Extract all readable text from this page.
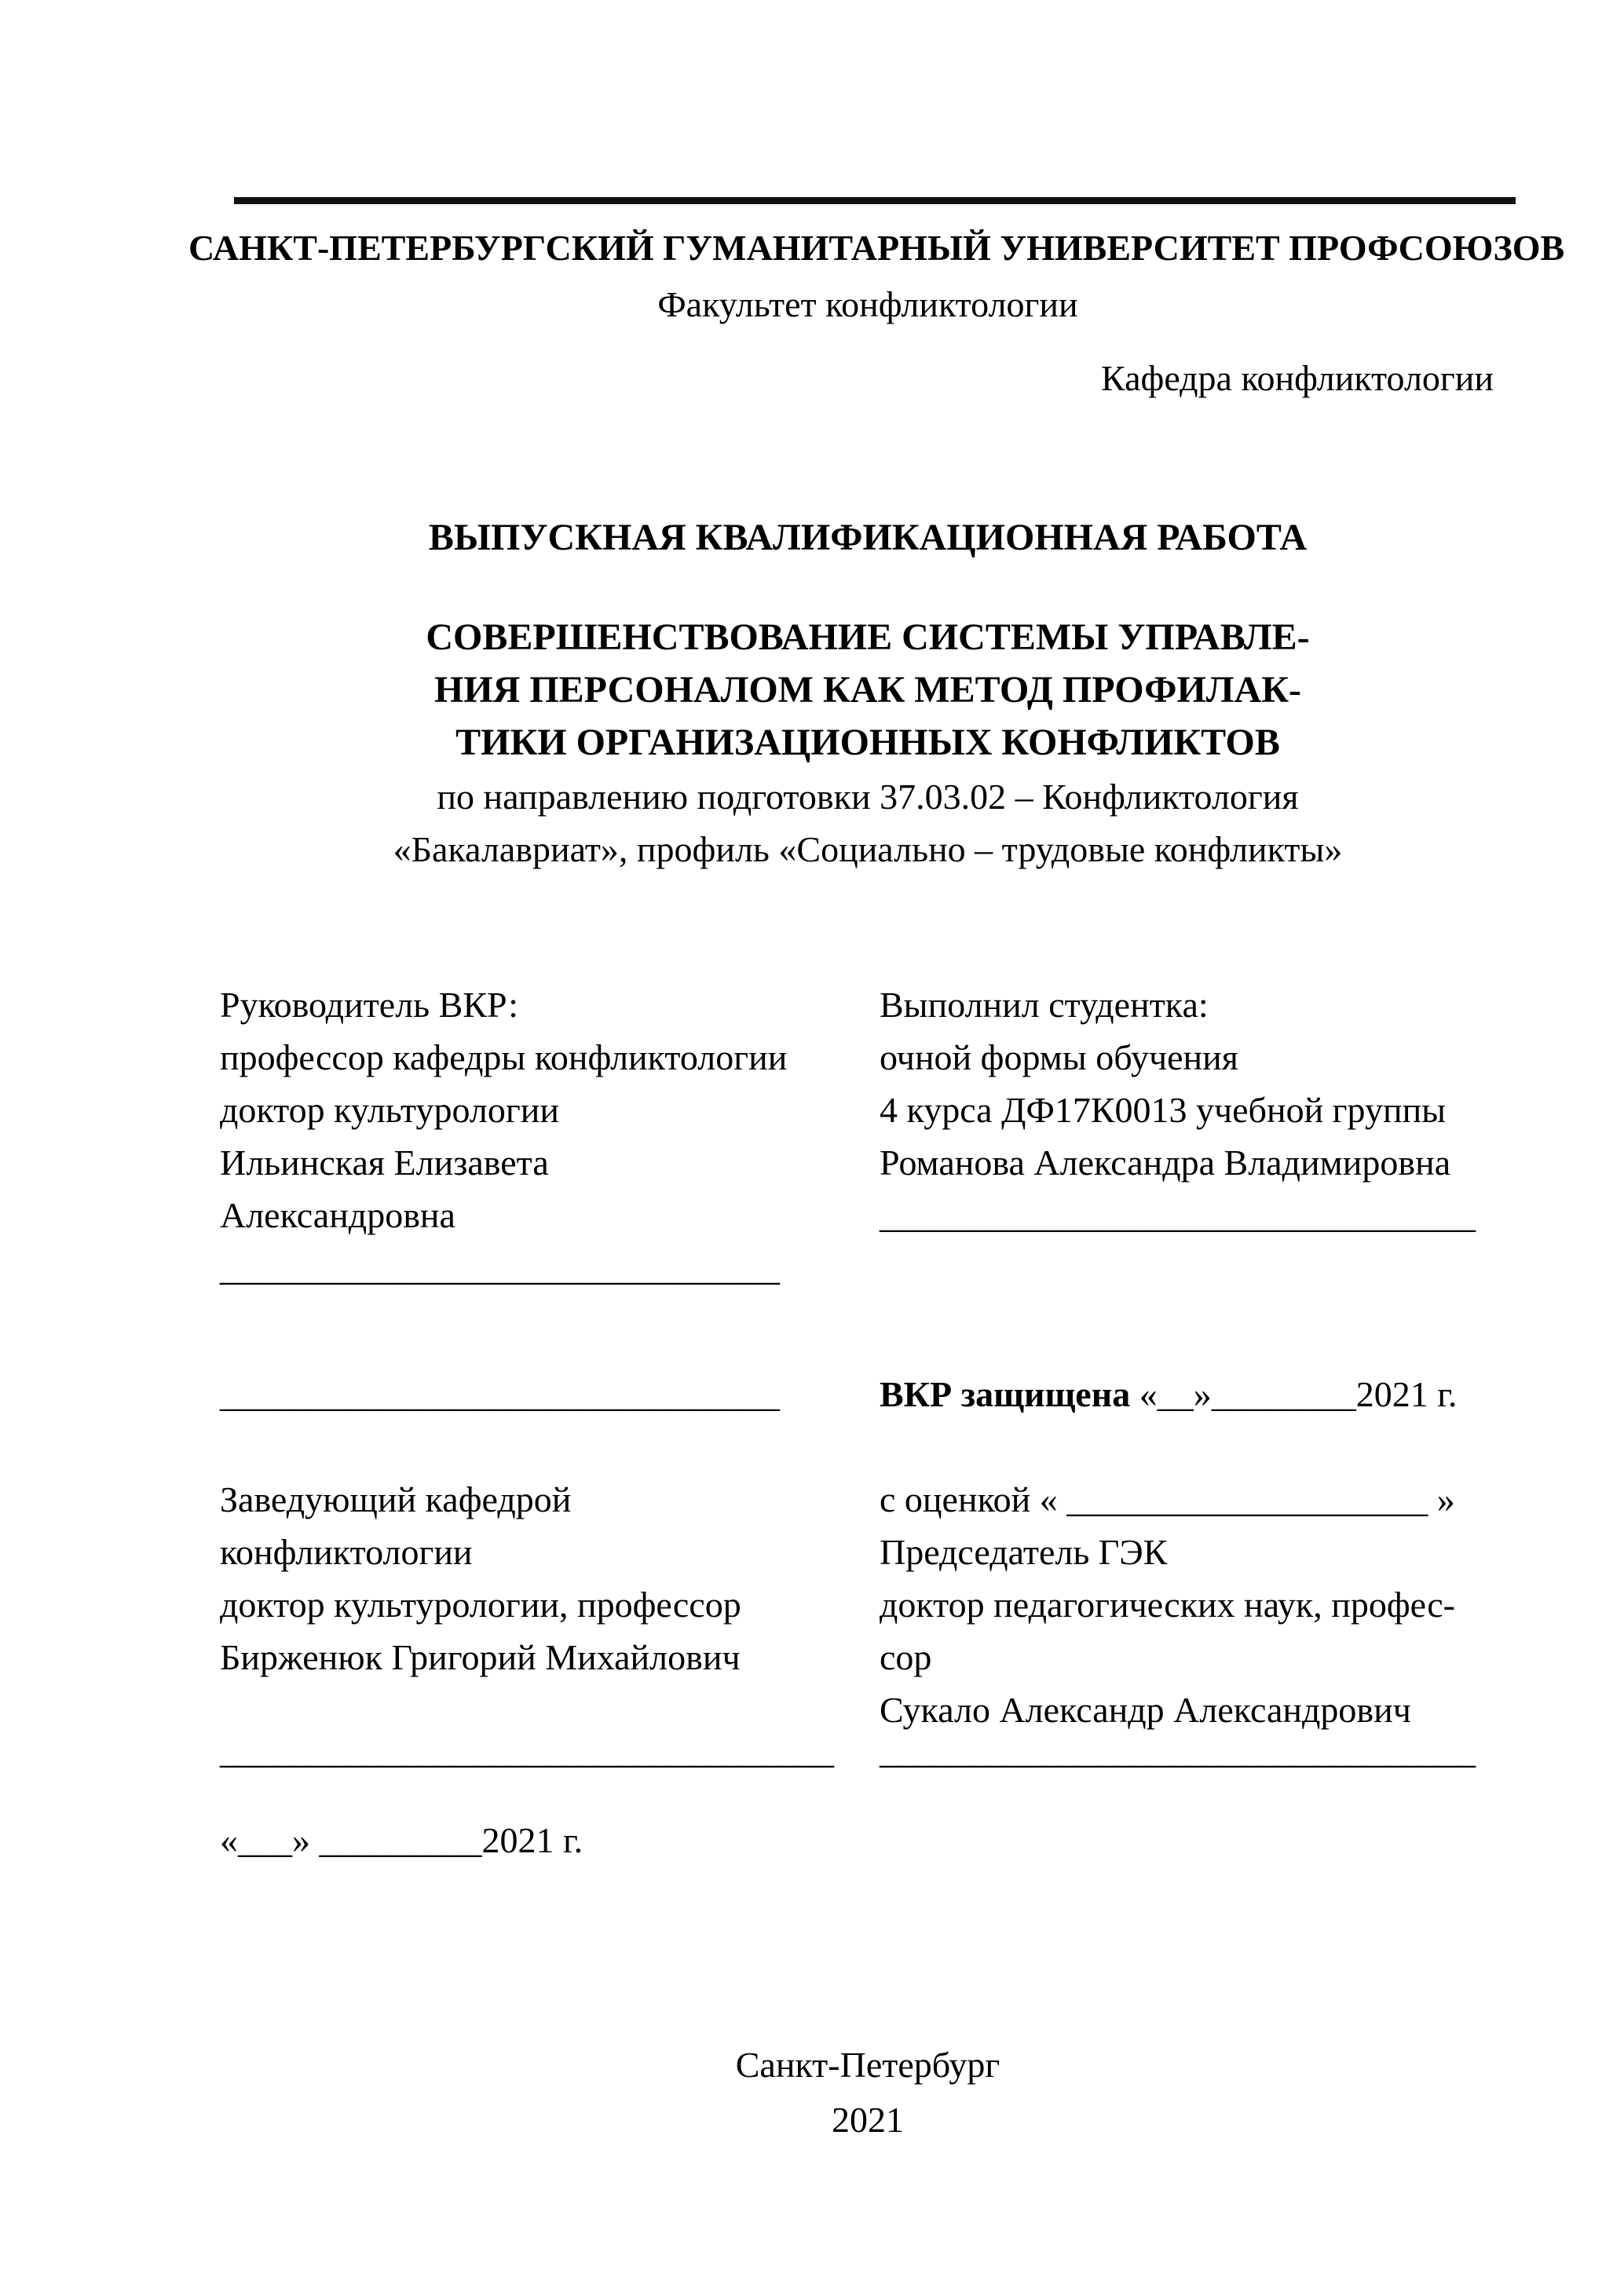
САНКТ-ПЕТЕРБУРГСКИЙ ГУМАНИТАРНЫЙ УНИВЕРСИТЕТ ПРОФСОЮЗОВ
Факультет конфликтологии
Кафедра конфликтологии
ВЫПУСКНАЯ КВАЛИФИКАЦИОННАЯ РАБОТА
СОВЕРШЕНСТВОВАНИЕ СИСТЕМЫ УПРАВЛЕ-
НИЯ ПЕРСОНАЛОМ КАК МЕТОД ПРОФИЛАК-
ТИКИ ОРГАНИЗАЦИОННЫХ КОНФЛИКТОВ
по направлению подготовки 37.03.02 – Конфликтология
«Бакалавриат», профиль «Социально – трудовые конфликты»
Руководитель ВКР:
профессор кафедры конфликтологии
доктор культурологии
Ильинская Елизавета
Александровна
_______________________________
Выполнил студентка:
очной формы обучения
4 курса ДФ17К0013 учебной группы
Романова Александра Владимировна
_________________________________
_______________________________
Заведующий кафедрой
конфликтологии
доктор культурологии, профессор
Бирженюк Григорий Михайлович
ВКР защищена «__»________2021 г.
с оценкой « ____________________ »
Председатель ГЭК
доктор педагогических наук, профес-
сор
Сукало Александр Александрович
__________________________________	_________________________________
«___» _________2021 г.
Санкт-Петербург
2021
